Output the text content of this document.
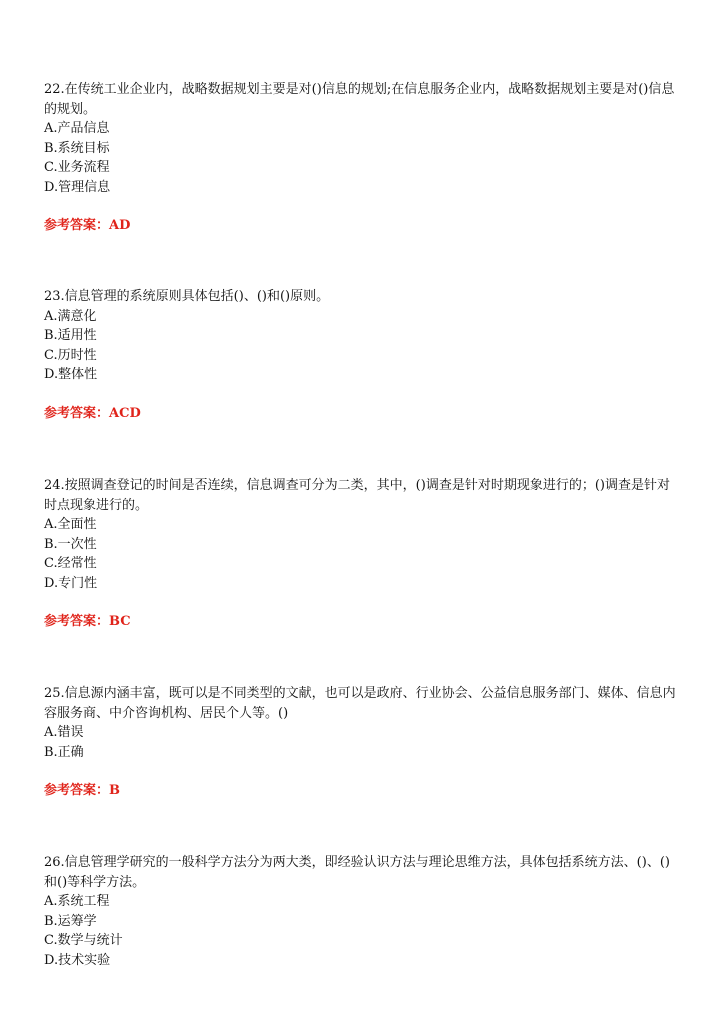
22.在传统工业企业内，战略数据规划主要是对()信息的规划;在信息服务企业内，战略数据规划主要是对()信息的规划。

A.产品信息

B.系统目标

C.业务流程

D.管理信息

参考答案：AD

23.信息管理的系统原则具体包括()、()和()原则。

A.满意化

B.适用性

C.历时性

D.整体性

参考答案：ACD

24.按照调查登记的时间是否连续，信息调查可分为二类，其中，()调查是针对时期现象进行的；()调查是针对时点现象进行的。

A.全面性

B.一次性

C.经常性

D.专门性

参考答案：BC

25.信息源内涵丰富，既可以是不同类型的文献，也可以是政府、行业协会、公益信息服务部门、媒体、信息内容服务商、中介咨询机构、居民个人等。()

A.错误

B.正确

参考答案：B

26.信息管理学研究的一般科学方法分为两大类，即经验认识方法与理论思维方法，具体包括系统方法、()、()和()等科学方法。

A.系统工程

B.运筹学

C.数学与统计

D.技术实验
